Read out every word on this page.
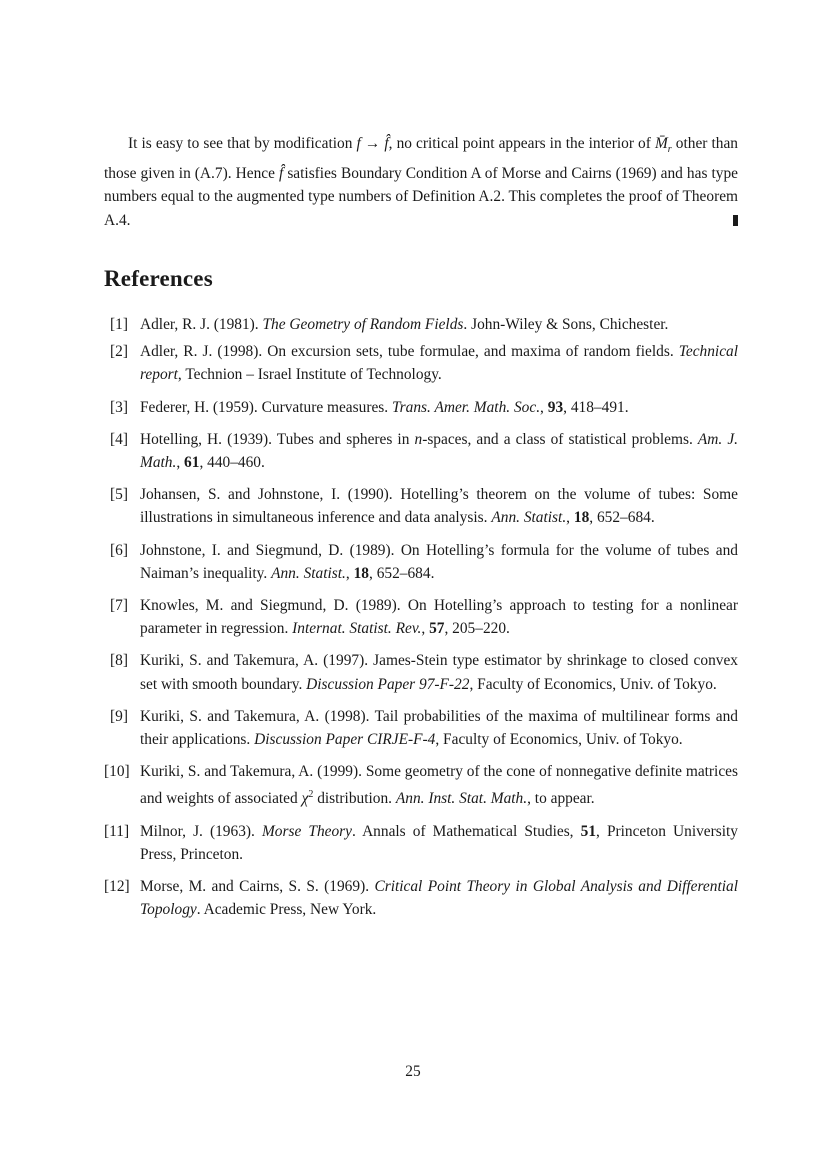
It is easy to see that by modification f → f̂, no critical point appears in the interior of $M̄_r$ other than those given in (A.7). Hence f̂ satisfies Boundary Condition A of Morse and Cairns (1969) and has type numbers equal to the augmented type numbers of Definition A.2. This completes the proof of Theorem A.4.

References
[1] Adler, R. J. (1981). The Geometry of Random Fields. John-Wiley & Sons, Chichester.
[2] Adler, R. J. (1998). On excursion sets, tube formulae, and maxima of random fields. Technical report, Technion – Israel Institute of Technology.
[3] Federer, H. (1959). Curvature measures. Trans. Amer. Math. Soc., 93, 418–491.
[4] Hotelling, H. (1939). Tubes and spheres in n-spaces, and a class of statistical problems. Am. J. Math., 61, 440–460.
[5] Johansen, S. and Johnstone, I. (1990). Hotelling’s theorem on the volume of tubes: Some illustrations in simultaneous inference and data analysis. Ann. Statist., 18, 652–684.
[6] Johnstone, I. and Siegmund, D. (1989). On Hotelling’s formula for the volume of tubes and Naiman’s inequality. Ann. Statist., 18, 652–684.
[7] Knowles, M. and Siegmund, D. (1989). On Hotelling’s approach to testing for a nonlinear parameter in regression. Internat. Statist. Rev., 57, 205–220.
[8] Kuriki, S. and Takemura, A. (1997). James-Stein type estimator by shrinkage to closed convex set with smooth boundary. Discussion Paper 97-F-22, Faculty of Economics, Univ. of Tokyo.
[9] Kuriki, S. and Takemura, A. (1998). Tail probabilities of the maxima of multilinear forms and their applications. Discussion Paper CIRJE-F-4, Faculty of Economics, Univ. of Tokyo.
[10] Kuriki, S. and Takemura, A. (1999). Some geometry of the cone of nonnegative definite matrices and weights of associated $\chi^2$ distribution. Ann. Inst. Stat. Math., to appear.
[11] Milnor, J. (1963). Morse Theory. Annals of Mathematical Studies, 51, Princeton University Press, Princeton.
[12] Morse, M. and Cairns, S. S. (1969). Critical Point Theory in Global Analysis and Differential Topology. Academic Press, New York.
25
